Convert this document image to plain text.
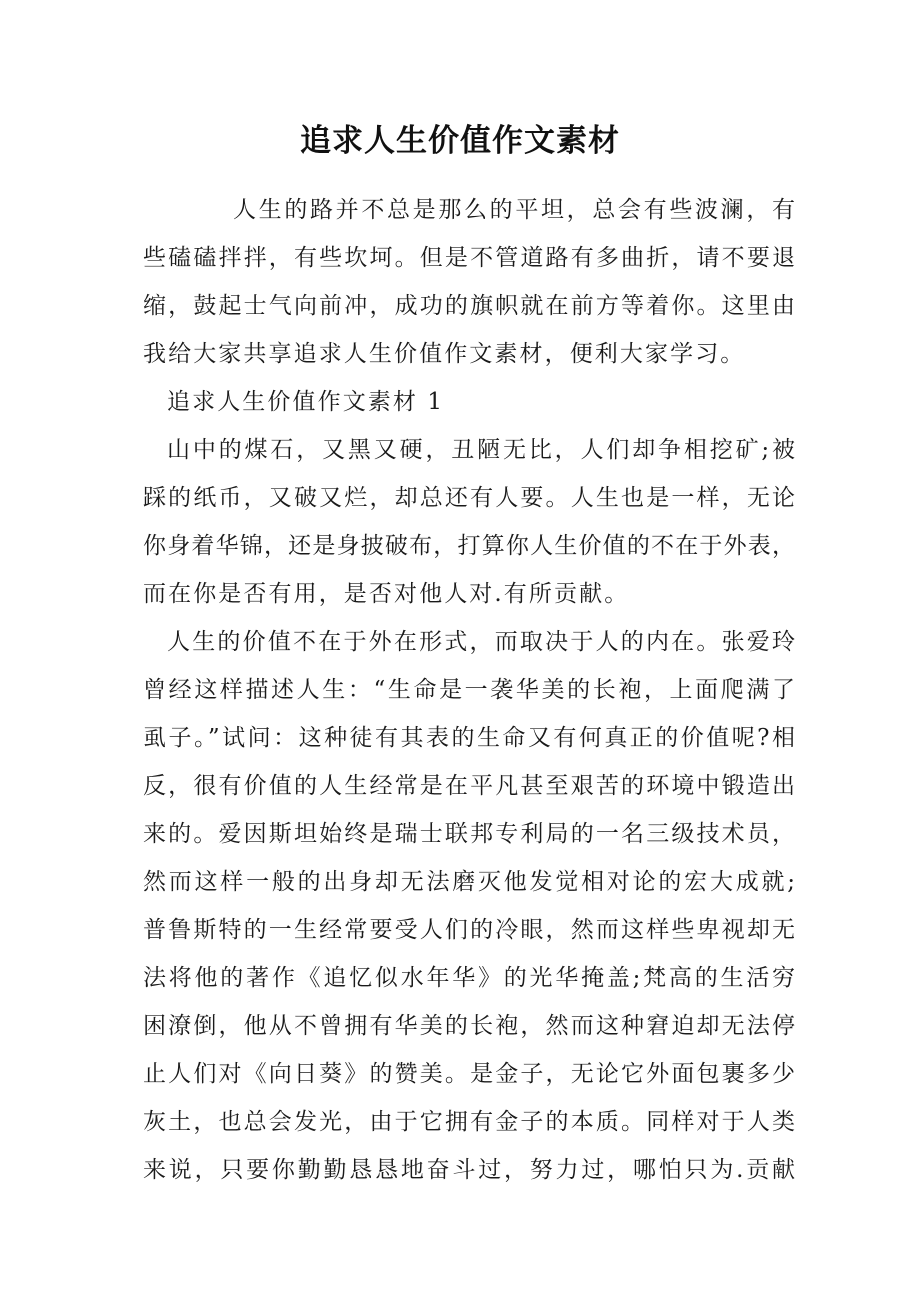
追求人生价值作文素材
人生的路并不总是那么的平坦，总会有些波澜，有
些磕磕拌拌，有些坎坷。但是不管道路有多曲折，请不要退
缩，鼓起士气向前冲，成功的旗帜就在前方等着你。这里由
我给大家共享追求人生价值作文素材，便利大家学习。
追求人生价值作文素材 1
山中的煤石，又黑又硬，丑陋无比，人们却争相挖矿;被
踩的纸币，又破又烂，却总还有人要。人生也是一样，无论
你身着华锦，还是身披破布，打算你人生价值的不在于外表，
而在你是否有用，是否对他人对.有所贡献。
人生的价值不在于外在形式，而取决于人的内在。张爱玲
曾经这样描述人生：“生命是一袭华美的长袍，上面爬满了
虱子。”试问：这种徒有其表的生命又有何真正的价值呢?相
反，很有价值的人生经常是在平凡甚至艰苦的环境中锻造出
来的。爱因斯坦始终是瑞士联邦专利局的一名三级技术员，
然而这样一般的出身却无法磨灭他发觉相对论的宏大成就;
普鲁斯特的一生经常要受人们的冷眼，然而这样些卑视却无
法将他的著作《追忆似水年华》的光华掩盖;梵高的生活穷
困潦倒，他从不曾拥有华美的长袍，然而这种窘迫却无法停
止人们对《向日葵》的赞美。是金子，无论它外面包裹多少
灰土，也总会发光，由于它拥有金子的本质。同样对于人类
来说，只要你勤勤恳恳地奋斗过，努力过，哪怕只为.贡献
